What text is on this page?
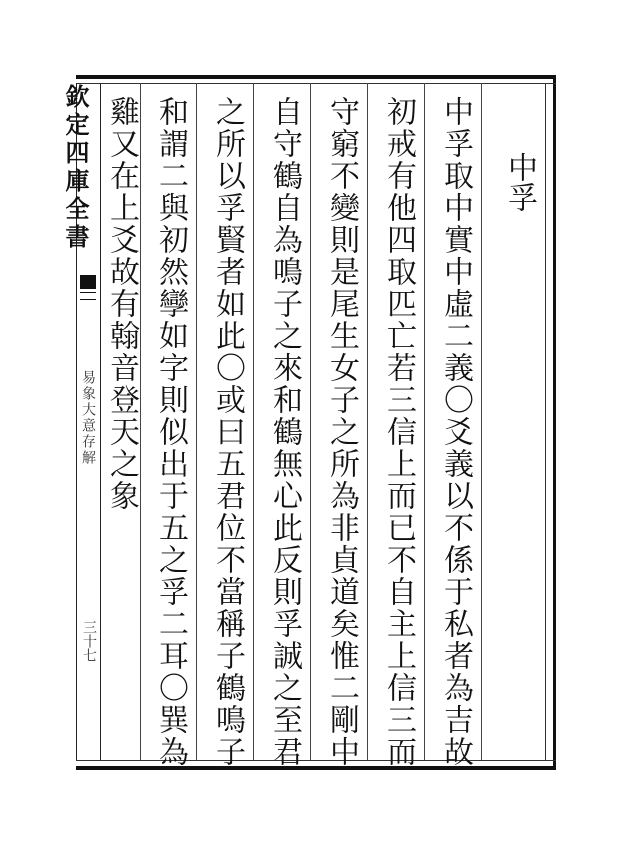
欽定四庫全書
易象大意存解
三十七
中孚
中孚取中實中虛二義〇爻義以不係于私者為吉故
初戒有他四取匹亡若三信上而已不自主上信三而
守窮不變則是尾生女子之所為非貞道矣惟二剛中
自守鶴自為鳴子之來和鶴無心此反則孚誠之至君
之所以孚賢者如此〇或曰五君位不當稱子鶴鳴子
和謂二與初然孿如字則似出于五之孚二耳〇巽為
雞又在上爻故有翰音登天之象
